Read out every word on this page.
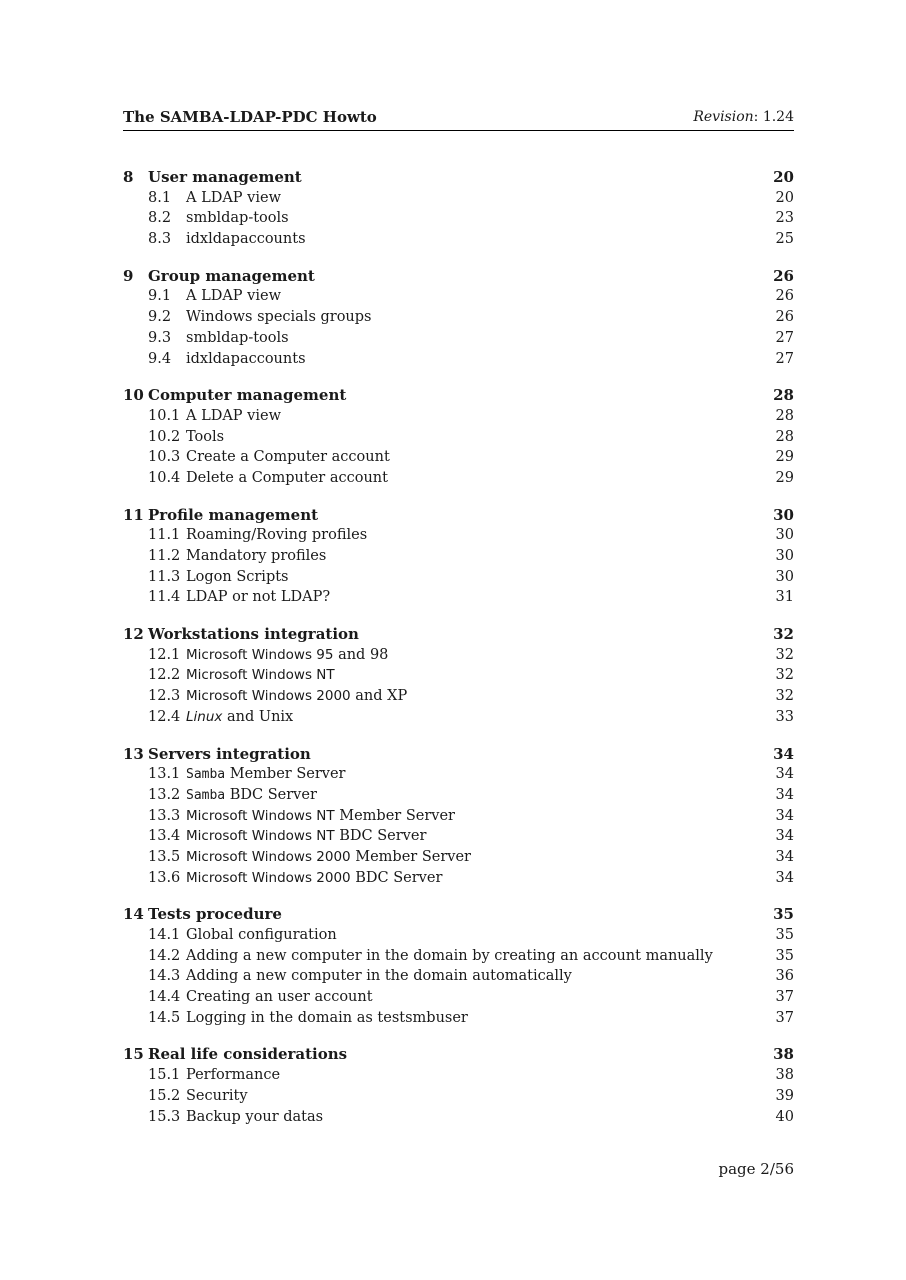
The SAMBA-LDAP-PDC Howto	Revision: 1.24
8 User management	20
8.1 A LDAP view	20
8.2 smbldap-tools	23
8.3 idxldapaccounts	25
9 Group management	26
9.1 A LDAP view	26
9.2 Windows specials groups	26
9.3 smbldap-tools	27
9.4 idxldapaccounts	27
10 Computer management	28
10.1 A LDAP view	28
10.2 Tools	28
10.3 Create a Computer account	29
10.4 Delete a Computer account	29
11 Profile management	30
11.1 Roaming/Roving profiles	30
11.2 Mandatory profiles	30
11.3 Logon Scripts	30
11.4 LDAP or not LDAP?	31
12 Workstations integration	32
12.1 Microsoft Windows 95 and 98	32
12.2 Microsoft Windows NT	32
12.3 Microsoft Windows 2000 and XP	32
12.4 Linux and Unix	33
13 Servers integration	34
13.1 Samba Member Server	34
13.2 Samba BDC Server	34
13.3 Microsoft Windows NT Member Server	34
13.4 Microsoft Windows NT BDC Server	34
13.5 Microsoft Windows 2000 Member Server	34
13.6 Microsoft Windows 2000 BDC Server	34
14 Tests procedure	35
14.1 Global configuration	35
14.2 Adding a new computer in the domain by creating an account manually	35
14.3 Adding a new computer in the domain automatically	36
14.4 Creating an user account	37
14.5 Logging in the domain as testsmbuser	37
15 Real life considerations	38
15.1 Performance	38
15.2 Security	39
15.3 Backup your datas	40
page 2/56
